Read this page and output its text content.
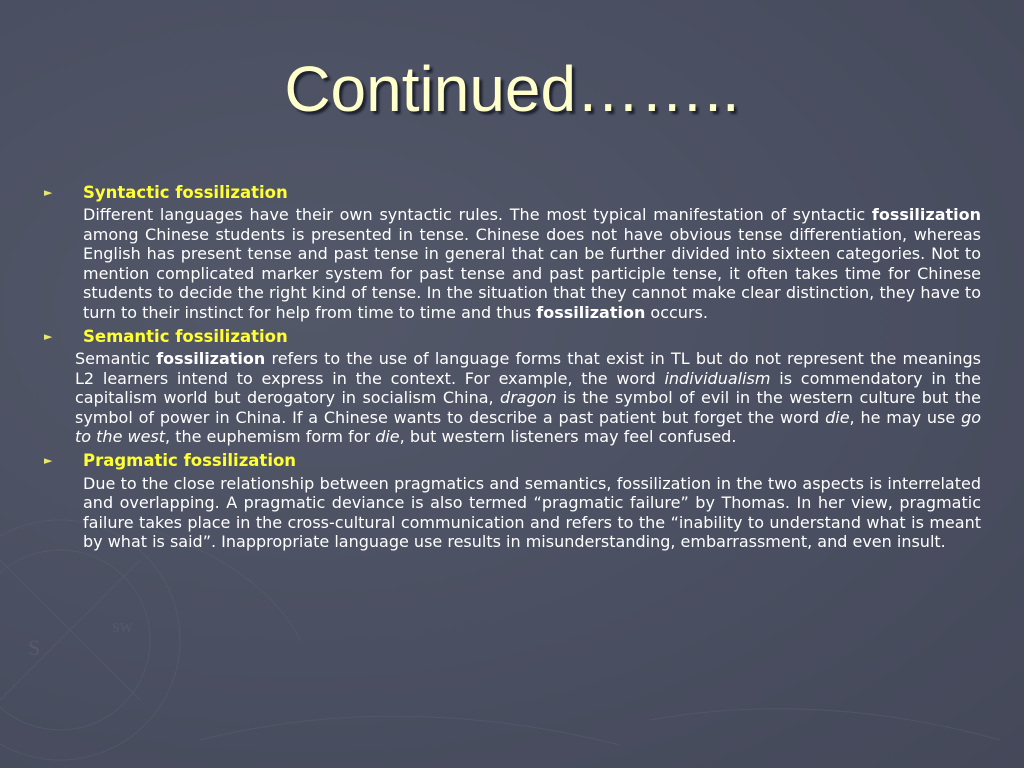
S
SW
Continued……..
►	Syntactic fossilization
Different languages have their own syntactic rules. The most typical manifestation of syntactic fossilization among Chinese students is presented in tense. Chinese does not have obvious tense differentiation, whereas English has present tense and past tense in general that can be further divided into sixteen categories. Not to mention complicated marker system for past tense and past participle tense, it often takes time for Chinese students to decide the right kind of tense. In the situation that they cannot make clear distinction, they have to turn to their instinct for help from time to time and thus fossilization occurs.
►	Semantic fossilization
Semantic fossilization refers to the use of language forms that exist in TL but do not represent the meanings L2 learners intend to express in the context. For example, the word individualism is commendatory in the capitalism world but derogatory in socialism China, dragon is the symbol of evil in the western culture but the symbol of power in China. If a Chinese wants to describe a past patient but forget the word die, he may use go to the west, the euphemism form for die, but western listeners may feel confused.
►	Pragmatic fossilization
Due to the close relationship between pragmatics and semantics, fossilization in the two aspects is interrelated and overlapping. A pragmatic deviance is also termed “pragmatic failure” by Thomas. In her view, pragmatic failure takes place in the cross-cultural communication and refers to the “inability to understand what is meant by what is said”. Inappropriate language use results in misunderstanding, embarrassment, and even insult.
